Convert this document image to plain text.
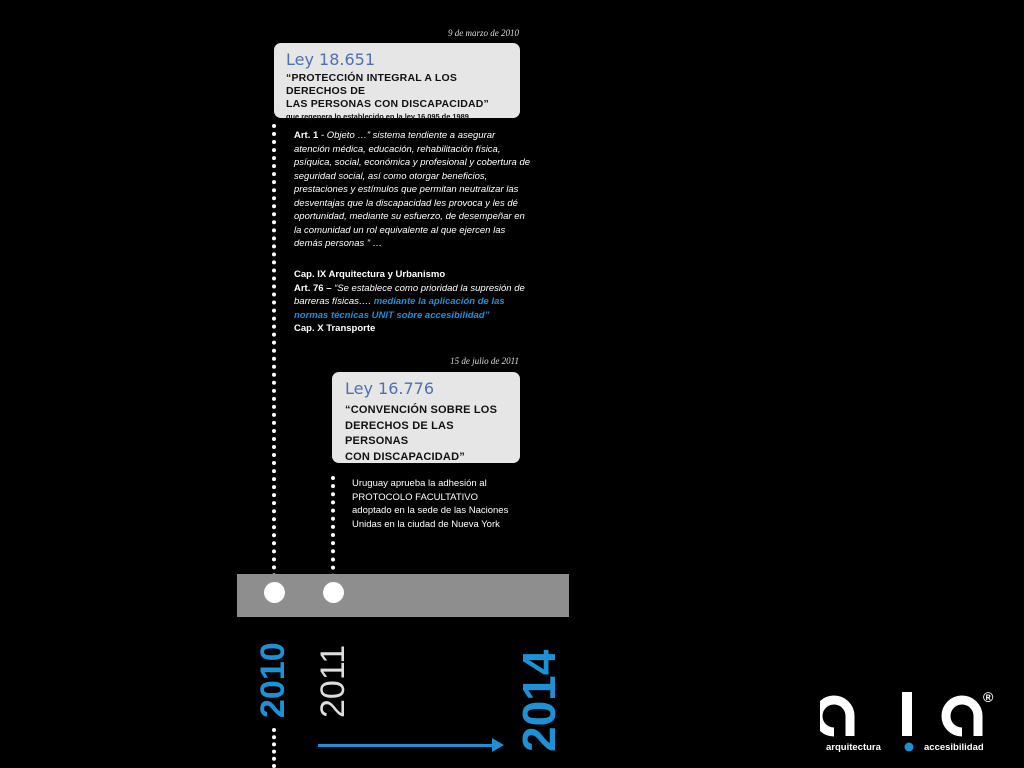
9 de marzo de 2010
Ley 18.651
“PROTECCIÓN INTEGRAL A LOS DERECHOS DE
LAS PERSONAS CON DISCAPACIDAD”
que regenera lo establecido en la ley 16.095 de 1989
Art. 1 - Objeto …” sistema tendiente a asegurar atención médica, educación, rehabilitación física, psíquica, social, económica y profesional y cobertura de seguridad social, así como otorgar beneficios, prestaciones y estímulos que permitan neutralizar las desventajas que la discapacidad les provoca y les dé oportunidad, mediante su esfuerzo, de desempeñar en la comunidad un rol equivalente al que ejercen las demás personas ” …
Cap. IX Arquitectura y Urbanismo
Art. 76 – “Se establece como prioridad la supresión de barreras físicas…. mediante la aplicación de las normas técnicas UNIT sobre accesibilidad”
Cap. X Transporte
15 de julio de 2011
Ley 16.776
“CONVENCIÓN SOBRE LOS
DERECHOS DE LAS PERSONAS
CON DISCAPACIDAD”
Uruguay aprueba la adhesión al PROTOCOLO FACULTATIVO adoptado en la sede de las Naciones Unidas en la ciudad de Nueva York
2010 2011	2014	®
arquitectura	accesibilidad
